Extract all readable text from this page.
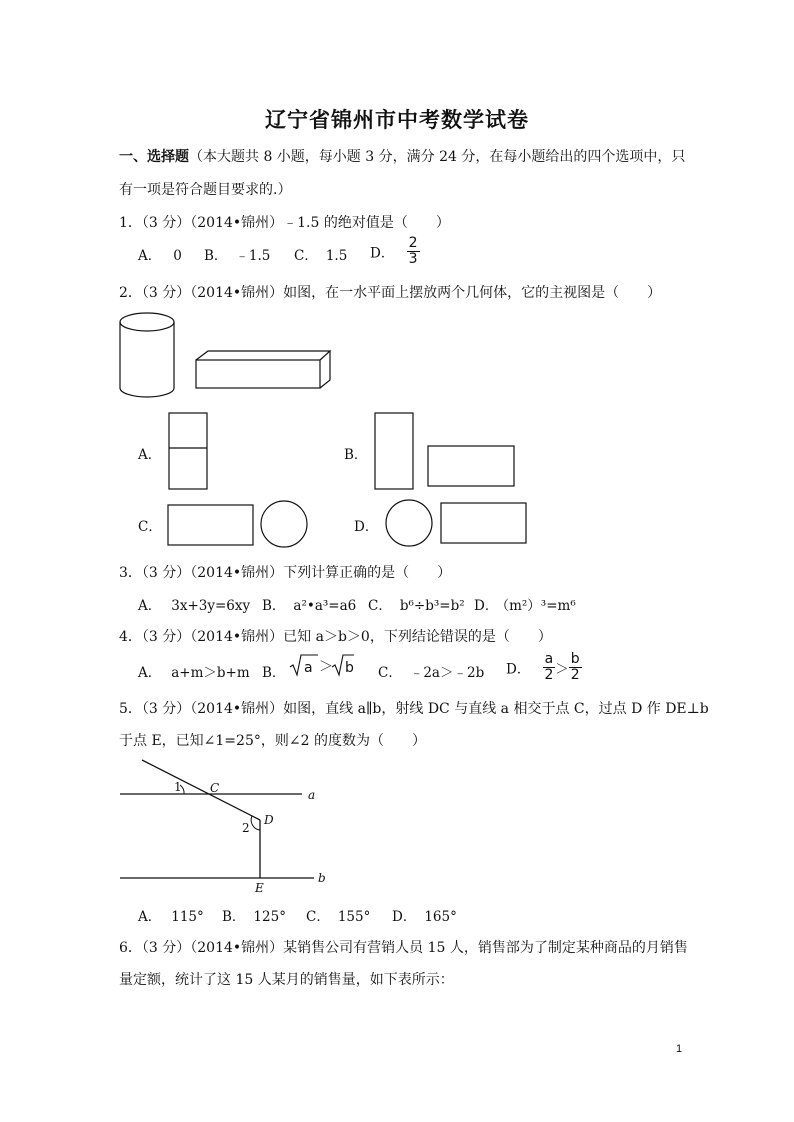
辽宁省锦州市中考数学试卷
一、选择题（本大题共 8 小题，每小题 3 分，满分 24 分，在每小题给出的四个选项中，只
有一项是符合题目要求的.）
1．（3 分）（2014•锦州）﹣1.5 的绝对值是（　　）
A． 0 B． ﹣1.5 C． 1.5 D． $\frac{2}{3}$
2．（3 分）（2014•锦州）如图，在一水平面上摆放两个几何体，它的主视图是（　　）
A．	B．
C．	D．
3．（3 分）（2014•锦州）下列计算正确的是（　　）
A． 3x+3y=6xy B． a²•a³=a6 C． b⁶÷b³=b² D． （m²）³=m⁶
4．（3 分）（2014•锦州）已知 a＞b＞0，下列结论错误的是（　　）
A． a+m＞b+m B． a ＞ b C． ﹣2a＞﹣2b D． $\frac{a}{2} > \frac{b}{2}$
5．（3 分）（2014•锦州）如图，直线 a∥b，射线 DC 与直线 a 相交于点 C，过点 D 作 DE⊥b
于点 E，已知∠1=25°，则∠2 的度数为（　　）
1 C	a
2
D
E
b
A． 115° B． 125° C． 155° D． 165°
6．（3 分）（2014•锦州）某销售公司有营销人员 15 人，销售部为了制定某种商品的月销售
量定额，统计了这 15 人某月的销售量，如下表所示：
1
